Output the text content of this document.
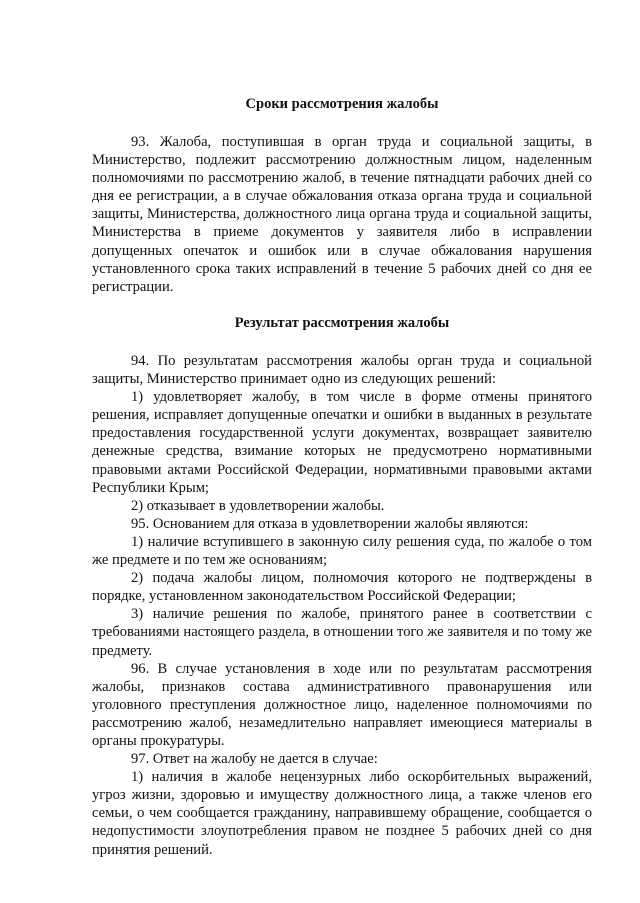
Сроки рассмотрения жалобы

93. Жалоба, поступившая в орган труда и социальной защиты, в Министерство, подлежит рассмотрению должностным лицом, наделенным полномочиями по рассмотрению жалоб, в течение пятнадцати рабочих дней со дня ее регистрации, а в случае обжалования отказа органа труда и социальной защиты, Министерства, должностного лица органа труда и социальной защиты, Министерства в приеме документов у заявителя либо в исправлении допущенных опечаток и ошибок или в случае обжалования нарушения установленного срока таких исправлений в течение 5 рабочих дней со дня ее регистрации.

Результат рассмотрения жалобы

94. По результатам рассмотрения жалобы орган труда и социальной защиты, Министерство принимает одно из следующих решений:

1) удовлетворяет жалобу, в том числе в форме отмены принятого решения, исправляет допущенные опечатки и ошибки в выданных в результате предоставления государственной услуги документах, возвращает заявителю денежные средства, взимание которых не предусмотрено нормативными правовыми актами Российской Федерации, нормативными правовыми актами Республики Крым;

2) отказывает в удовлетворении жалобы.

95. Основанием для отказа в удовлетворении жалобы являются:

1) наличие вступившего в законную силу решения суда, по жалобе о том же предмете и по тем же основаниям;

2) подача жалобы лицом, полномочия которого не подтверждены в порядке, установленном законодательством Российской Федерации;

3) наличие решения по жалобе, принятого ранее в соответствии с требованиями настоящего раздела, в отношении того же заявителя и по тому же предмету.

96. В случае установления в ходе или по результатам рассмотрения жалобы, признаков состава административного правонарушения или уголовного преступления должностное лицо, наделенное полномочиями по рассмотрению жалоб, незамедлительно направляет имеющиеся материалы в органы прокуратуры.

97. Ответ на жалобу не дается в случае:

1) наличия в жалобе нецензурных либо оскорбительных выражений, угроз жизни, здоровью и имуществу должностного лица, а также членов его семьи, о чем сообщается гражданину, направившему обращение, сообщается о недопустимости злоупотребления правом не позднее 5 рабочих дней со дня принятия решений.
